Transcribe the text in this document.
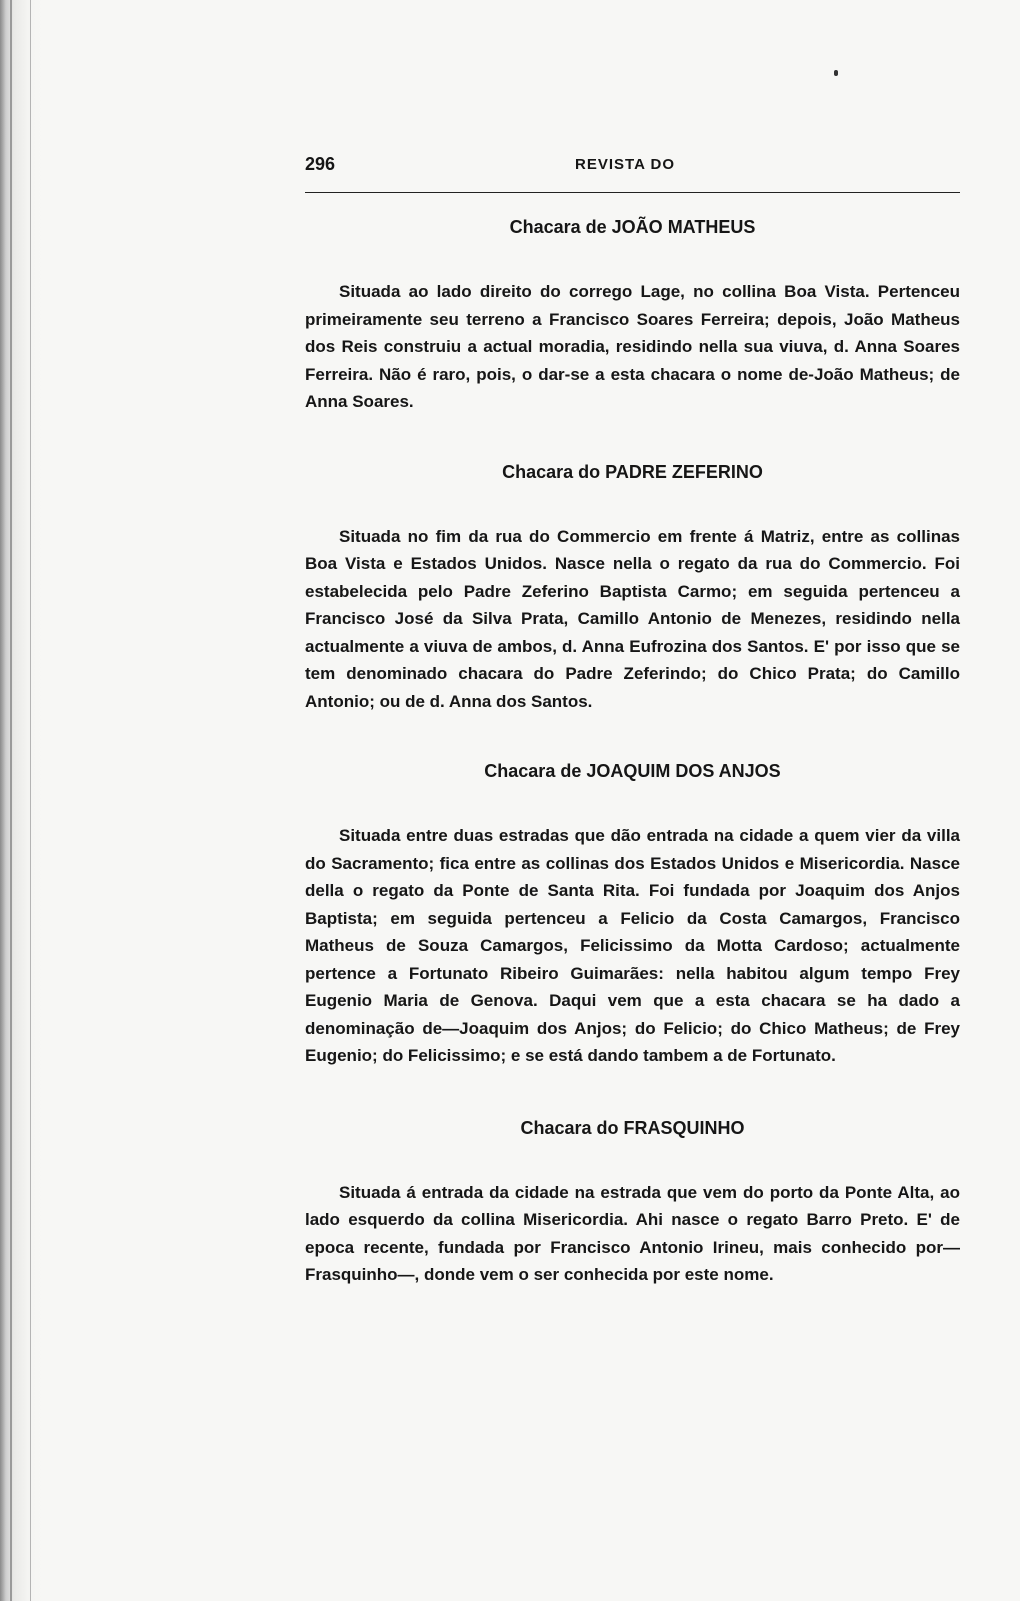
296	REVISTA DO
Chacara de JOÃO MATHEUS

Situada ao lado direito do corrego Lage, no collina Boa Vista. Pertenceu primeiramente seu terreno a Francisco Soares Ferreira; depois, João Matheus dos Reis construiu a actual moradia, residindo nella sua viuva, d. Anna Soares Ferreira. Não é raro, pois, o dar-se a esta chacara o nome de-João Matheus; de Anna Soares.

Chacara do PADRE ZEFERINO

Situada no fim da rua do Commercio em frente á Matriz, entre as collinas Boa Vista e Estados Unidos. Nasce nella o regato da rua do Commercio. Foi estabelecida pelo Padre Zeferino Baptista Carmo; em seguida pertenceu a Francisco José da Silva Prata, Camillo Antonio de Menezes, residindo nella actualmente a viuva de ambos, d. Anna Eufrozina dos Santos. E' por isso que se tem denominado chacara do Padre Zeferindo; do Chico Prata; do Camillo Antonio; ou de d. Anna dos Santos.

Chacara de JOAQUIM DOS ANJOS

Situada entre duas estradas que dão entrada na cidade a quem vier da villa do Sacramento; fica entre as collinas dos Estados Unidos e Misericordia. Nasce della o regato da Ponte de Santa Rita. Foi fundada por Joaquim dos Anjos Baptista; em seguida pertenceu a Felicio da Costa Camargos, Francisco Matheus de Souza Camargos, Felicissimo da Motta Cardoso; actualmente pertence a Fortunato Ribeiro Guimarães: nella habitou algum tempo Frey Eugenio Maria de Genova. Daqui vem que a esta chacara se ha dado a denominação de—Joaquim dos Anjos; do Felicio; do Chico Matheus; de Frey Eugenio; do Felicissimo; e se está dando tambem a de Fortunato.

Chacara do FRASQUINHO

Situada á entrada da cidade na estrada que vem do porto da Ponte Alta, ao lado esquerdo da collina Misericordia. Ahi nasce o regato Barro Preto. E' de epoca recente, fundada por Francisco Antonio Irineu, mais conhecido por—Frasquinho—, donde vem o ser conhecida por este nome.
